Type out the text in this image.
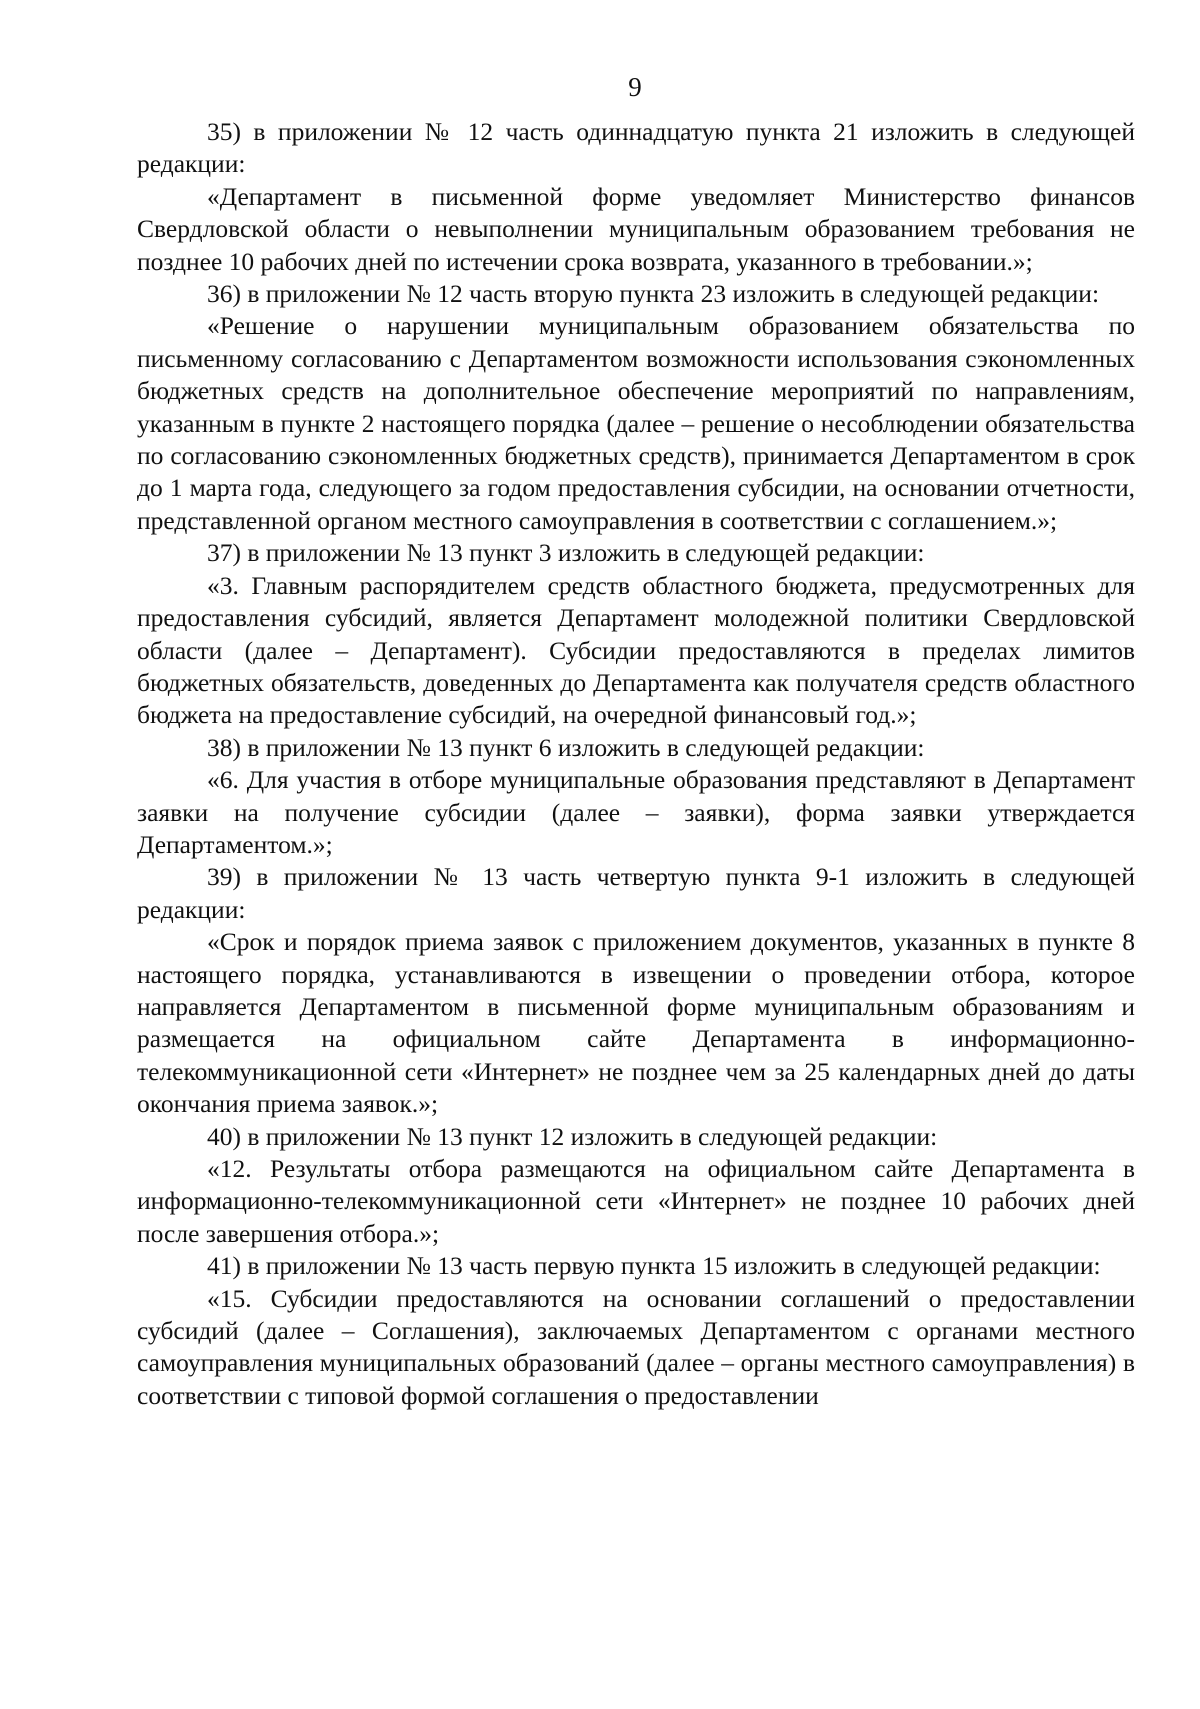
9

35) в приложении № 12 часть одиннадцатую пункта 21 изложить в следующей редакции:

«Департамент в письменной форме уведомляет Министерство финансов Свердловской области о невыполнении муниципальным образованием требования не позднее 10 рабочих дней по истечении срока возврата, указанного в требовании.»;

36) в приложении № 12 часть вторую пункта 23 изложить в следующей редакции:

«Решение о нарушении муниципальным образованием обязательства по письменному согласованию с Департаментом возможности использования сэкономленных бюджетных средств на дополнительное обеспечение мероприятий по направлениям, указанным в пункте 2 настоящего порядка (далее – решение о несоблюдении обязательства по согласованию сэкономленных бюджетных средств), принимается Департаментом в срок до 1 марта года, следующего за годом предоставления субсидии, на основании отчетности, представленной органом местного самоуправления в соответствии с соглашением.»;

37) в приложении № 13 пункт 3 изложить в следующей редакции:

«3. Главным распорядителем средств областного бюджета, предусмотренных для предоставления субсидий, является Департамент молодежной политики Свердловской области (далее – Департамент). Субсидии предоставляются в пределах лимитов бюджетных обязательств, доведенных до Департамента как получателя средств областного бюджета на предоставление субсидий, на очередной финансовый год.»;

38) в приложении № 13 пункт 6 изложить в следующей редакции:

«6. Для участия в отборе муниципальные образования представляют в Департамент заявки на получение субсидии (далее – заявки), форма заявки утверждается Департаментом.»;

39) в приложении № 13 часть четвертую пункта 9-1 изложить в следующей редакции:

«Срок и порядок приема заявок с приложением документов, указанных в пункте 8 настоящего порядка, устанавливаются в извещении о проведении отбора, которое направляется Департаментом в письменной форме муниципальным образованиям и размещается на официальном сайте Департамента в информационно-телекоммуникационной сети «Интернет» не позднее чем за 25 календарных дней до даты окончания приема заявок.»;

40) в приложении № 13 пункт 12 изложить в следующей редакции:

«12. Результаты отбора размещаются на официальном сайте Департамента в информационно-телекоммуникационной сети «Интернет» не позднее 10 рабочих дней после завершения отбора.»;

41) в приложении № 13 часть первую пункта 15 изложить в следующей редакции:

«15. Субсидии предоставляются на основании соглашений о предоставлении субсидий (далее – Соглашения), заключаемых Департаментом с органами местного самоуправления муниципальных образований (далее – органы местного самоуправления) в соответствии с типовой формой соглашения о предоставлении
